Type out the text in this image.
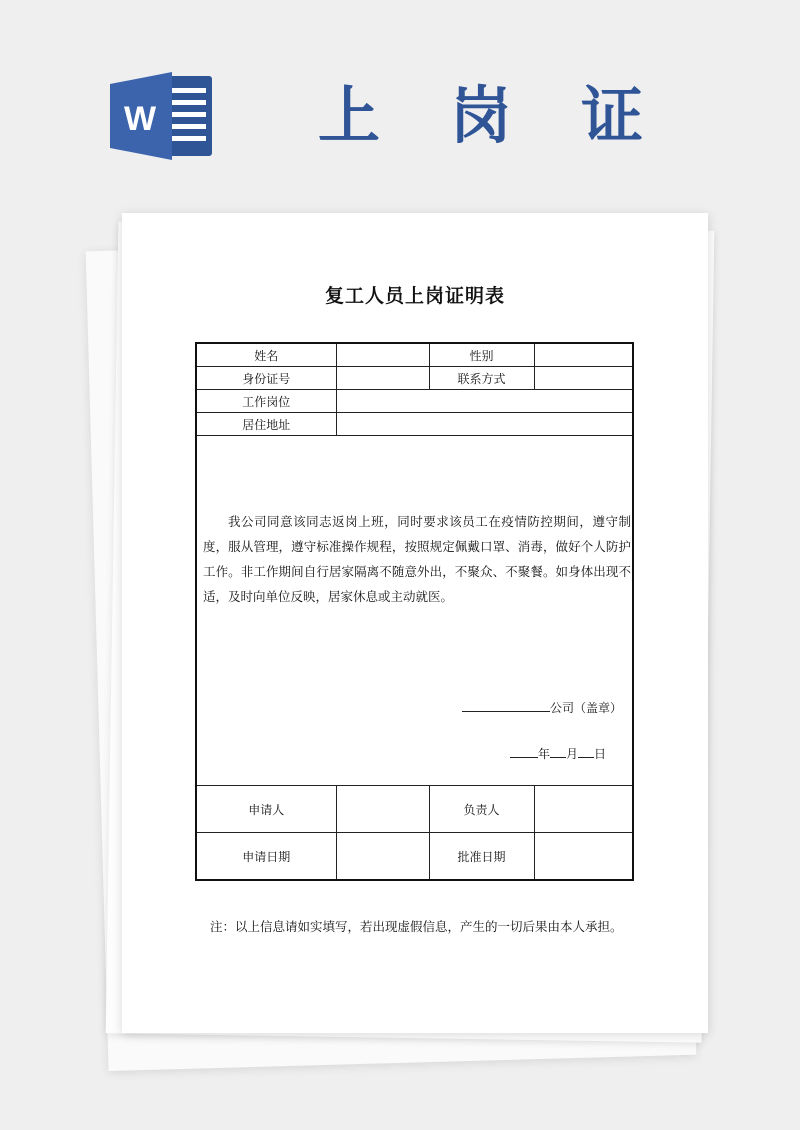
W	上 岗 证
复工人员上岗证明表
姓名		性别	
身份证号		联系方式	
工作岗位			
居住地址			

我公司同意该同志返岗上班，同时要求该员工在疫情防控期间，遵守制度，服从管理，遵守标准操作规程，按照规定佩戴口罩、消毒，做好个人防护工作。非工作期间自行居家隔离不随意外出，不聚众、不聚餐。如身体出现不适，及时向单位反映，居家休息或主动就医。
公司（盖章）
年 月 日			

申请人		负责人	
申请日期		批准日期	
注：以上信息请如实填写，若出现虚假信息，产生的一切后果由本人承担。
